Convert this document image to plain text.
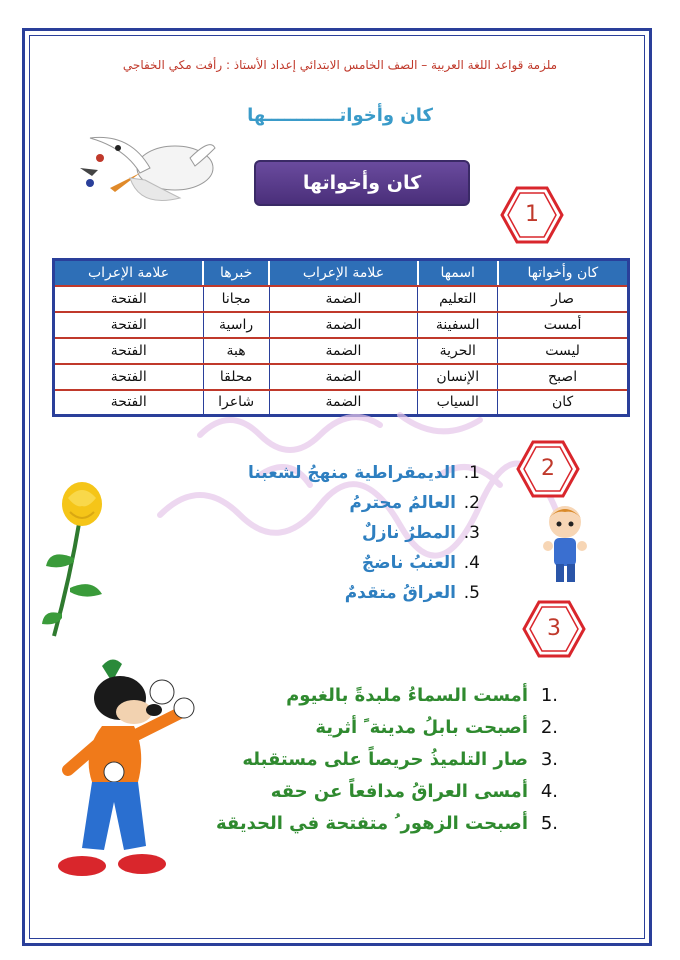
ملزمة قواعد اللغة العربية – الصف الخامس الابتدائي إعداد الأستاذ : رأفت مكي الخفاجي
كان وأخواتــــــــــــها
كان وأخواتها
1
كان وأخواتها	اسمها	علامة الإعراب	خبرها	علامة الإعراب
صار	التعليم	الضمة	مجانا	الفتحة
أمست	السفينة	الضمة	راسية	الفتحة
ليست	الحرية	الضمة	هبة	الفتحة
اصبح	الإنسان	الضمة	محلقا	الفتحة
كان	السياب	الضمة	شاعرا	الفتحة
2
1.الديمقراطية منهجُ لشعبنا
2.العالمُ محترمُ
3.المطرُ نازلٌ
4.العنبُ ناضجٌ
5.العراقُ متقدمٌ
3
.1أمست السماءُ ملبدةً بالغيوم
.2أصبحت بابلُ مدينة ً أثرية
.3صار التلميذُ حريصاً على مستقبله
.4أمسى العراقُ مدافعاً عن حقه
.5أصبحت الزهور ُ متفتحة في الحديقة
